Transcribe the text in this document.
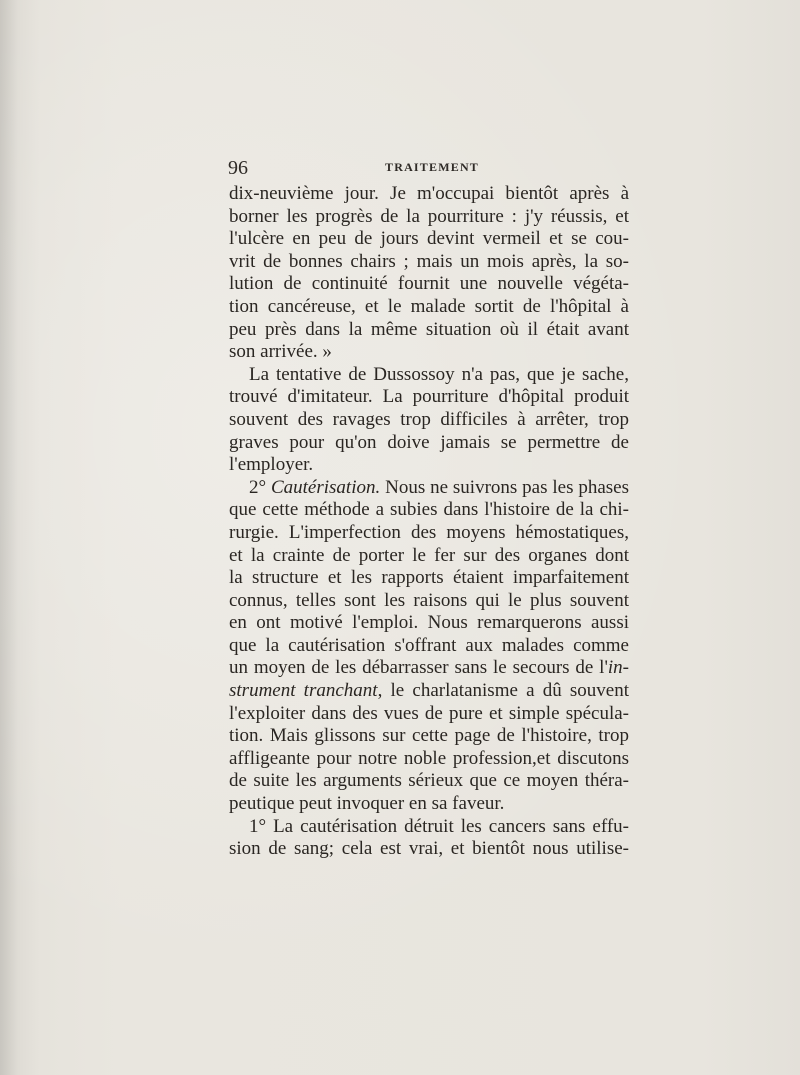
96	TRAITEMENT
dix-neuvième jour. Je m'occupai bientôt après à
borner les progrès de la pourriture : j'y réussis, et
l'ulcère en peu de jours devint vermeil et se cou-
vrit de bonnes chairs ; mais un mois après, la so-
lution de continuité fournit une nouvelle végéta-
tion cancéreuse, et le malade sortit de l'hôpital à
peu près dans la même situation où il était avant
son arrivée. »
La tentative de Dussossoy n'a pas, que je sache,
trouvé d'imitateur. La pourriture d'hôpital produit
souvent des ravages trop difficiles à arrêter, trop
graves pour qu'on doive jamais se permettre de
l'employer.
2° Cautérisation. Nous ne suivrons pas les phases
que cette méthode a subies dans l'histoire de la chi-
rurgie. L'imperfection des moyens hémostatiques,
et la crainte de porter le fer sur des organes dont
la structure et les rapports étaient imparfaitement
connus, telles sont les raisons qui le plus souvent
en ont motivé l'emploi. Nous remarquerons aussi
que la cautérisation s'offrant aux malades comme
un moyen de les débarrasser sans le secours de l'in-
strument tranchant, le charlatanisme a dû souvent
l'exploiter dans des vues de pure et simple spécula-
tion. Mais glissons sur cette page de l'histoire, trop
affligeante pour notre noble profession,et discutons
de suite les arguments sérieux que ce moyen théra-
peutique peut invoquer en sa faveur.
1° La cautérisation détruit les cancers sans effu-
sion de sang; cela est vrai, et bientôt nous utilise-
